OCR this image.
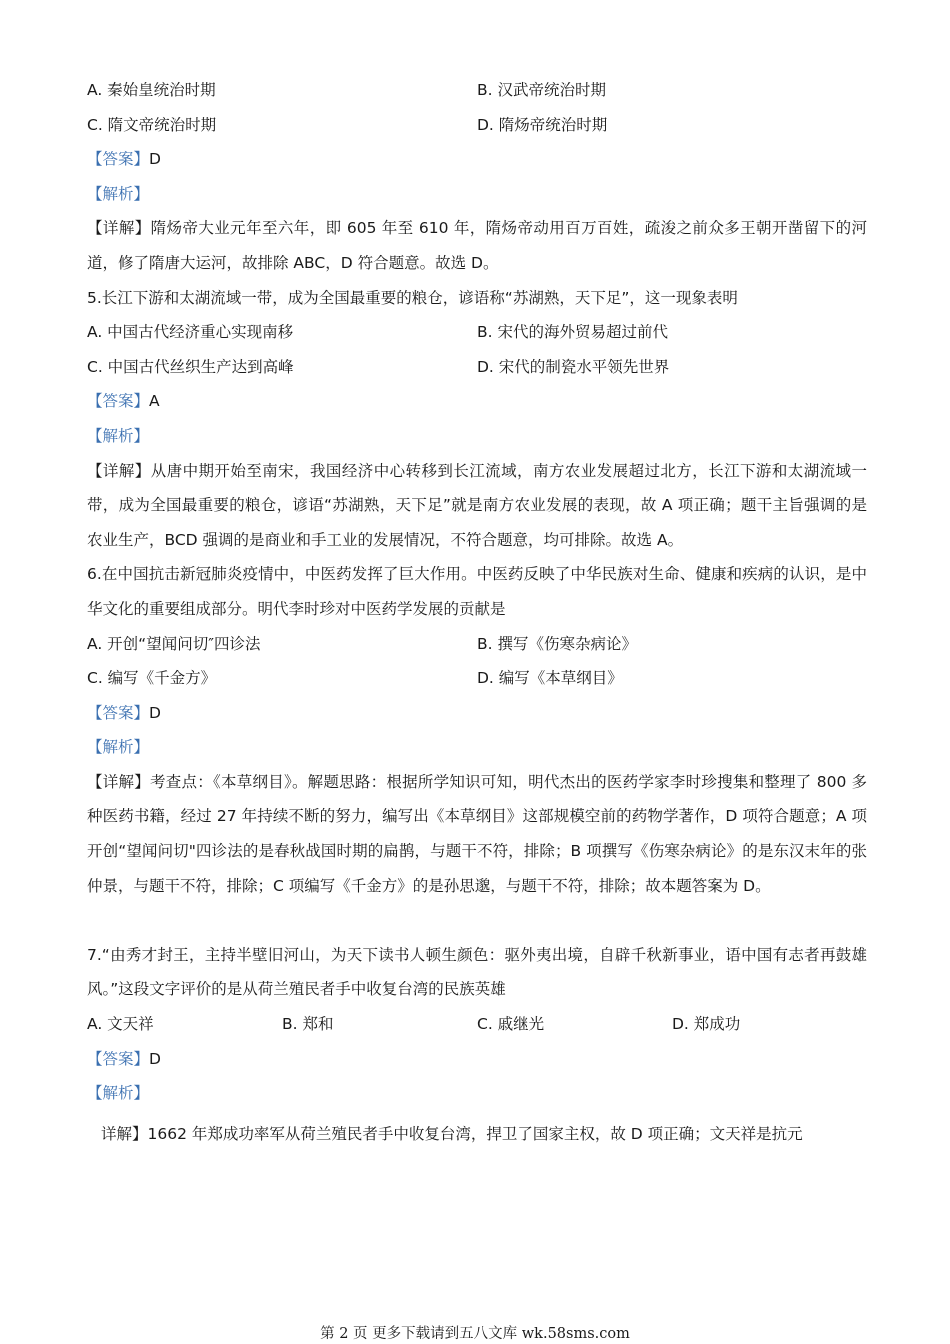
A. 秦始皇统治时期	B. 汉武帝统治时期
C. 隋文帝统治时期	D. 隋炀帝统治时期
【答案】D
【解析】
【详解】隋炀帝大业元年至六年，即 605 年至 610 年，隋炀帝动用百万百姓，疏浚之前众多王朝开凿留下的河道，修了隋唐大运河，故排除 ABC，D 符合题意。故选 D。
5.长江下游和太湖流域一带，成为全国最重要的粮仓，谚语称“苏湖熟，天下足”，这一现象表明
A. 中国古代经济重心实现南移	B. 宋代的海外贸易超过前代
C. 中国古代丝织生产达到高峰	D. 宋代的制瓷水平领先世界
【答案】A
【解析】
【详解】从唐中期开始至南宋，我国经济中心转移到长江流域，南方农业发展超过北方，长江下游和太湖流域一带，成为全国最重要的粮仓，谚语“苏湖熟，天下足”就是南方农业发展的表现，故 A 项正确；题干主旨强调的是农业生产，BCD 强调的是商业和手工业的发展情况，不符合题意，均可排除。故选 A。
6.在中国抗击新冠肺炎疫情中，中医药发挥了巨大作用。中医药反映了中华民族对生命、健康和疾病的认识，是中华文化的重要组成部分。明代李时珍对中医药学发展的贡献是
A. 开创“望闻问切″四诊法	B. 撰写《伤寒杂病论》
C. 编写《千金方》	D. 编写《本草纲目》
【答案】D
【解析】
【详解】考查点：《本草纲目》。解题思路：根据所学知识可知，明代杰出的医药学家李时珍搜集和整理了 800 多种医药书籍，经过 27 年持续不断的努力，编写出《本草纲目》这部规模空前的药物学著作，D 项符合题意；A 项开创“望闻问切"四诊法的是春秋战国时期的扁鹊，与题干不符，排除；B 项撰写《伤寒杂病论》的是东汉末年的张仲景，与题干不符，排除；C 项编写《千金方》的是孙思邈，与题干不符，排除；故本题答案为 D。
7.“由秀才封王，主持半壁旧河山，为天下读书人顿生颜色：驱外夷出境，自辟千秋新事业，语中国有志者再鼓雄风。”这段文字评价的是从荷兰殖民者手中收复台湾的民族英雄
A. 文天祥	B. 郑和	C. 戚继光	D. 郑成功
【答案】D
【解析】
详解】1662 年郑成功率军从荷兰殖民者手中收复台湾，捍卫了国家主权，故 D 项正确；文天祥是抗元
第 2 页 更多下载请到五八文库 wk.58sms.com
